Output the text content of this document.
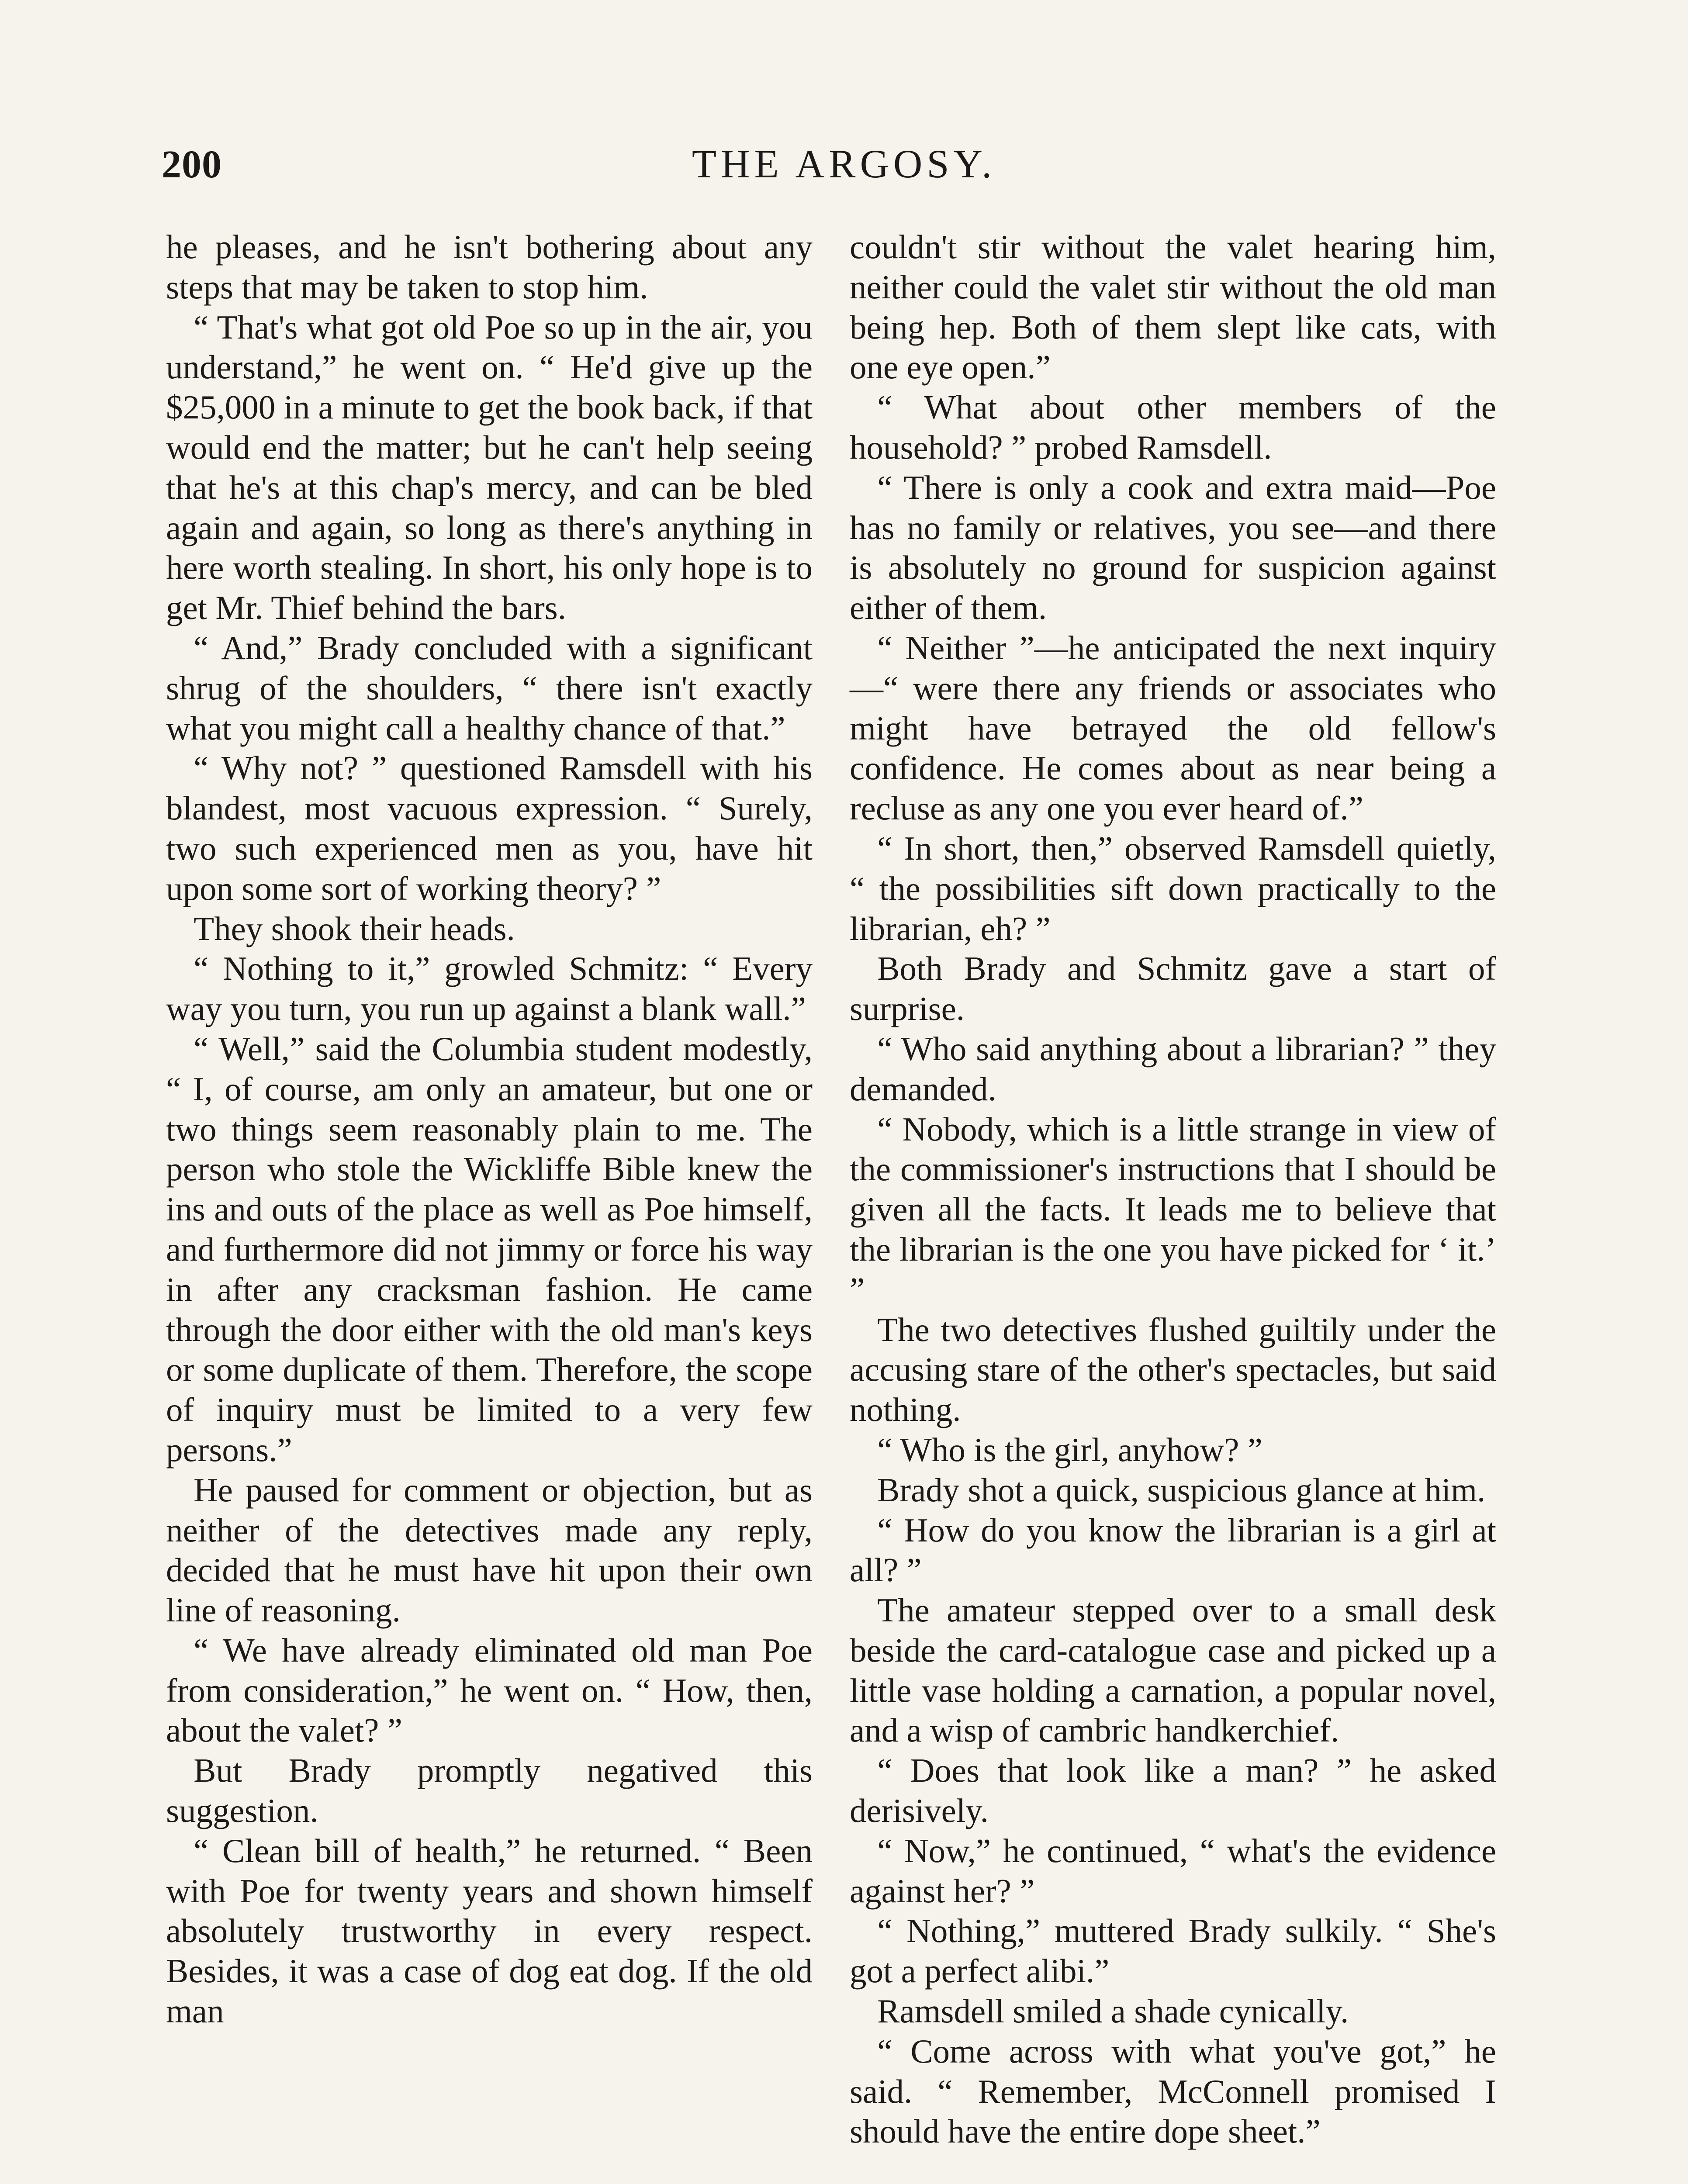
200	THE ARGOSY.

he pleases, and he isn't bothering about any steps that may be taken to stop him.

“ That's what got old Poe so up in the air, you understand,” he went on. “ He'd give up the $25,000 in a minute to get the book back, if that would end the matter; but he can't help seeing that he's at this chap's mercy, and can be bled again and again, so long as there's anything in here worth stealing. In short, his only hope is to get Mr. Thief behind the bars.

“ And,” Brady concluded with a significant shrug of the shoulders, “ there isn't exactly what you might call a healthy chance of that.”

“ Why not? ” questioned Ramsdell with his blandest, most vacuous expression. “ Surely, two such experienced men as you, have hit upon some sort of working theory? ”

They shook their heads.

“ Nothing to it,” growled Schmitz: “ Every way you turn, you run up against a blank wall.”

“ Well,” said the Columbia student modestly, “ I, of course, am only an amateur, but one or two things seem reasonably plain to me. The person who stole the Wickliffe Bible knew the ins and outs of the place as well as Poe himself, and furthermore did not jimmy or force his way in after any cracksman fashion. He came through the door either with the old man's keys or some duplicate of them. Therefore, the scope of inquiry must be limited to a very few persons.”

He paused for comment or objection, but as neither of the detectives made any reply, decided that he must have hit upon their own line of reasoning.

“ We have already eliminated old man Poe from consideration,” he went on. “ How, then, about the valet? ”

But Brady promptly negatived this suggestion.

“ Clean bill of health,” he returned. “ Been with Poe for twenty years and shown himself absolutely trustworthy in every respect. Besides, it was a case of dog eat dog. If the old man

couldn't stir without the valet hearing him, neither could the valet stir without the old man being hep. Both of them slept like cats, with one eye open.”

“ What about other members of the household? ” probed Ramsdell.

“ There is only a cook and extra maid—Poe has no family or relatives, you see—and there is absolutely no ground for suspicion against either of them.

“ Neither ”—he anticipated the next inquiry—“ were there any friends or associates who might have betrayed the old fellow's confidence. He comes about as near being a recluse as any one you ever heard of.”

“ In short, then,” observed Ramsdell quietly, “ the possibilities sift down practically to the librarian, eh? ”

Both Brady and Schmitz gave a start of surprise.

“ Who said anything about a librarian? ” they demanded.

“ Nobody, which is a little strange in view of the commissioner's instructions that I should be given all the facts. It leads me to believe that the librarian is the one you have picked for ‘ it.’ ”

The two detectives flushed guiltily under the accusing stare of the other's spectacles, but said nothing.

“ Who is the girl, anyhow? ”

Brady shot a quick, suspicious glance at him.

“ How do you know the librarian is a girl at all? ”

The amateur stepped over to a small desk beside the card-catalogue case and picked up a little vase holding a carnation, a popular novel, and a wisp of cambric handkerchief.

“ Does that look like a man? ” he asked derisively.

“ Now,” he continued, “ what's the evidence against her? ”

“ Nothing,” muttered Brady sulkily. “ She's got a perfect alibi.”

Ramsdell smiled a shade cynically.

“ Come across with what you've got,” he said. “ Remember, McConnell promised I should have the entire dope sheet.”
